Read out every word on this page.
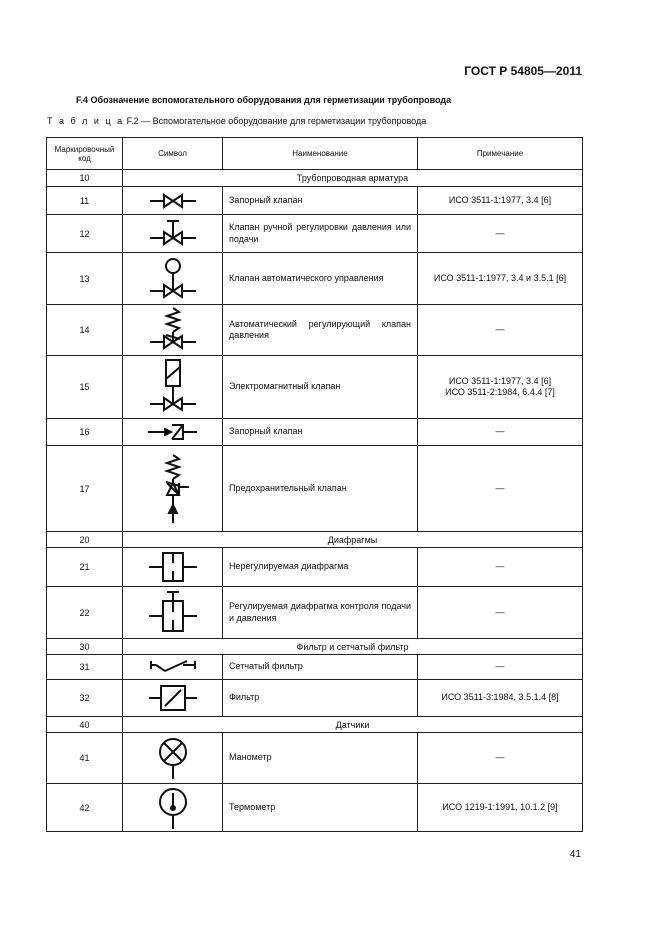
ГОСТ Р 54805—2011
F.4 Обозначение вспомогательного оборудования для герметизации трубопровода
Т а б л и ц а F.2 — Вспомогательное оборудование для герметизации трубопровода
Маркировочный код	Символ	Наименование	Примечание
10	Трубопроводная арматура		
11		Запорный клапан	ИСО 3511-1:1977, 3.4 [6]
12		Клапан ручной регулировки давления или подачи	—
13		Клапан автоматического управления	ИСО 3511-1:1977, 3.4 и 3.5.1 [6]
14		Автоматический регулирующий клапан давления	—
15		Электромагнитный клапан	ИСО 3511-1:1977, 3.4 [6]
ИСО 3511-2:1984, 6.4.4 [7]

16		Запорный клапан	—
17		Предохранительный клапан	—
20	Диафрагмы		
21		Нерегулируемая диафрагма	—
22		Регулируемая диафрагма контроля подачи и давления	—
30	Фильтр и сетчатый фильтр		
31		Сетчатый фильтр	—
32		Фильтр	ИСО 3511-3:1984, 3.5.1.4 [8]
40	Датчики		
41		Манометр	—
42		Термометр	ИСО 1219-1:1991, 10.1.2 [9]
41
